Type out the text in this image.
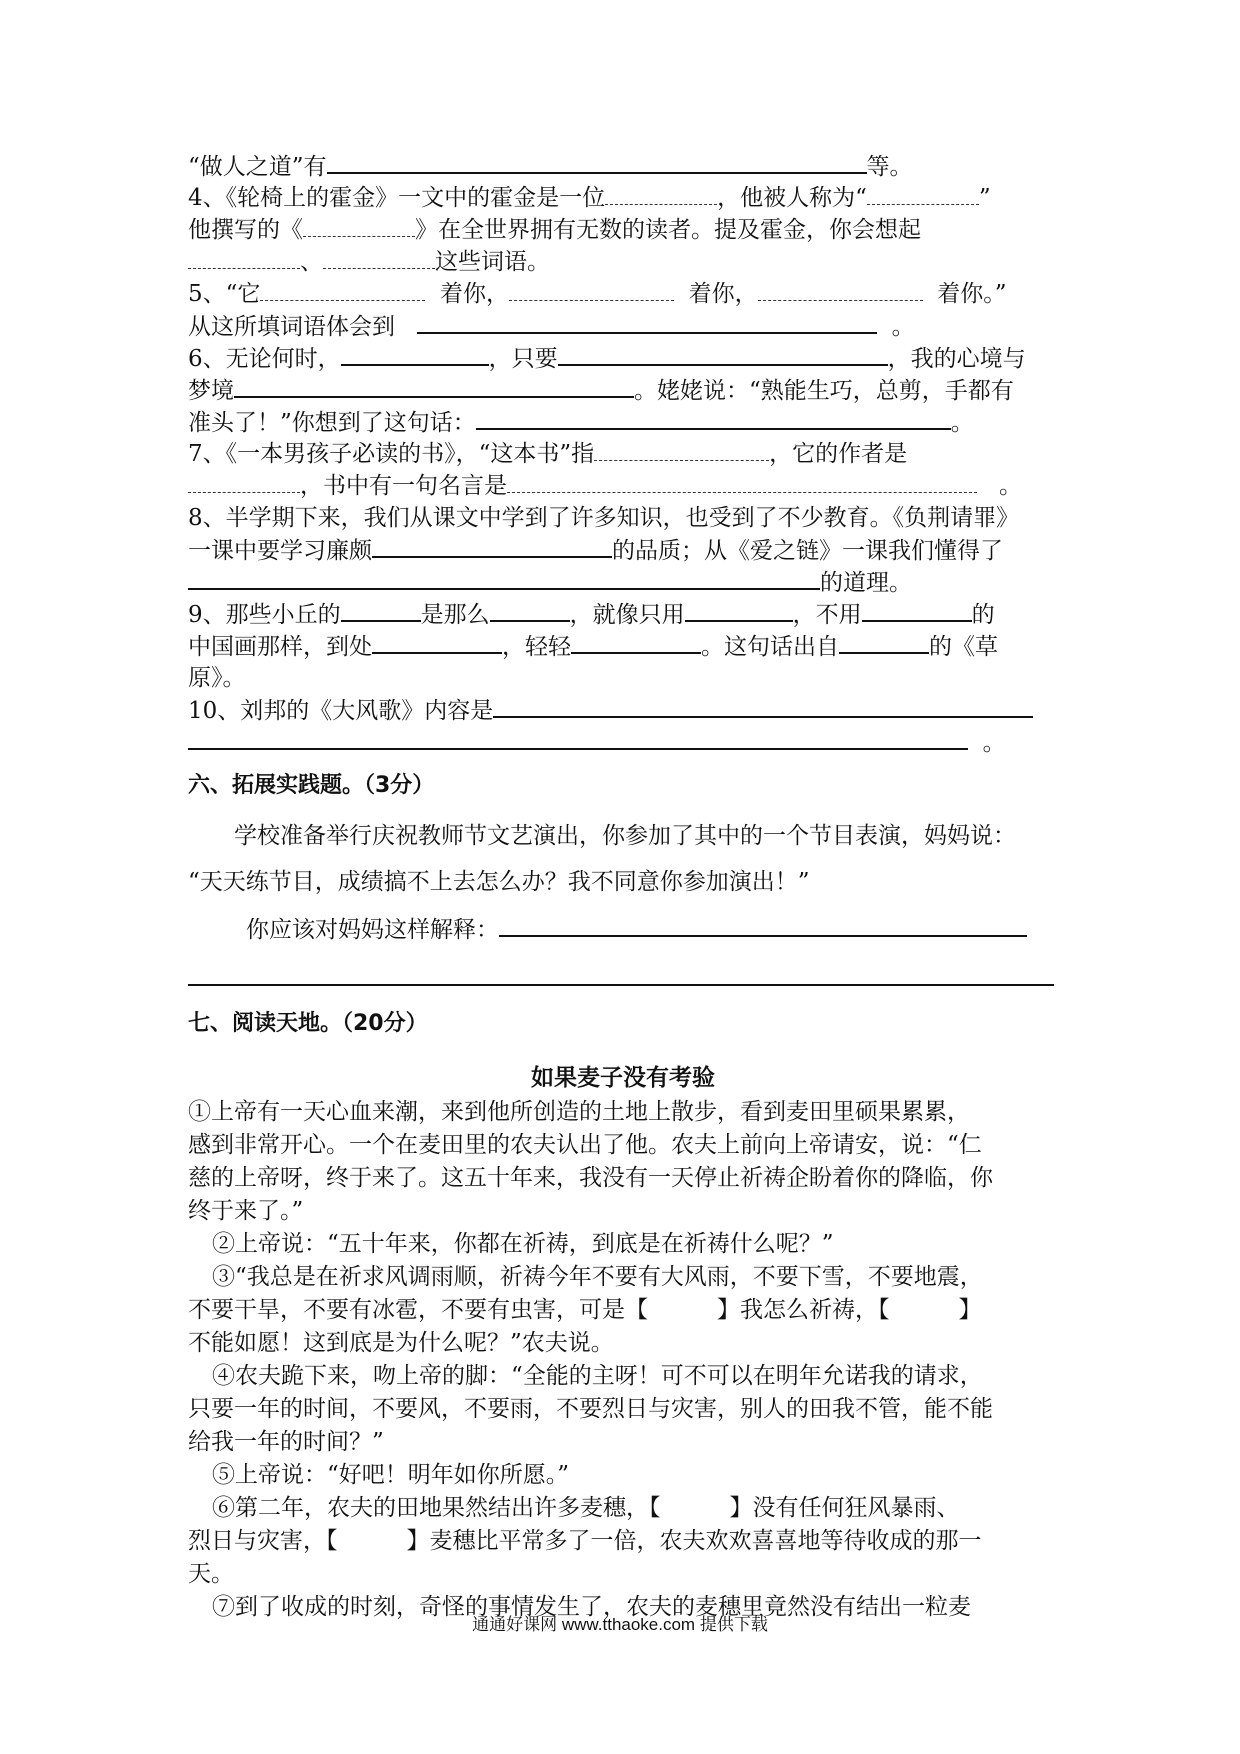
“做人之道”有	等。
4、《轮椅上的霍金》一文中的霍金是一位	，他被人称为“	”
他撰写的《	》在全世界拥有无数的读者。提及霍金，你会想起
、	这些词语。
5、“它	着你，	着你，	着你。”
从这所填词语体会到	。
6、无论何时，	，只要	，我的心境与
梦境	。姥姥说：“熟能生巧，总剪，手都有
准头了！”你想到了这句话：	。
7、《一本男孩子必读的书》，“这本书”指	，它的作者是
，书中有一句名言是	。
8、半学期下来，我们从课文中学到了许多知识，也受到了不少教育。《负荆请罪》
一课中要学习廉颇	的品质；从《爱之链》一课我们懂得了
的道理。
9、那些小丘的	是那么	，就像只用	，不用	的
中国画那样，到处	，轻轻	。这句话出自	的《草
原》。
10、刘邦的《大风歌》内容是
。
六、拓展实践题。（3分）
学校准备举行庆祝教师节文艺演出，你参加了其中的一个节目表演，妈妈说：
“天天练节目，成绩搞不上去怎么办？我不同意你参加演出！”
你应该对妈妈这样解释：
七、阅读天地。（20分）
如果麦子没有考验
①上帝有一天心血来潮，来到他所创造的土地上散步，看到麦田里硕果累累，
感到非常开心。一个在麦田里的农夫认出了他。农夫上前向上帝请安，说：“仁
慈的上帝呀，终于来了。这五十年来，我没有一天停止祈祷企盼着你的降临，你
终于来了。”
②上帝说：“五十年来，你都在祈祷，到底是在祈祷什么呢？”
③“我总是在祈求风调雨顺，祈祷今年不要有大风雨，不要下雪，不要地震，
不要干旱，不要有冰雹，不要有虫害，可是【　　　】我怎么祈祷，【　　　】
不能如愿！这到底是为什么呢？”农夫说。
④农夫跪下来，吻上帝的脚：“全能的主呀！可不可以在明年允诺我的请求，
只要一年的时间，不要风，不要雨，不要烈日与灾害，别人的田我不管，能不能
给我一年的时间？”
⑤上帝说：“好吧！明年如你所愿。”
⑥第二年，农夫的田地果然结出许多麦穗，【　　　】没有任何狂风暴雨、
烈日与灾害，【　　　】麦穗比平常多了一倍，农夫欢欢喜喜地等待收成的那一
天。
⑦到了收成的时刻，奇怪的事情发生了，农夫的麦穗里竟然没有结出一粒麦
通通好课网 www.tthaoke.com 提供下载
